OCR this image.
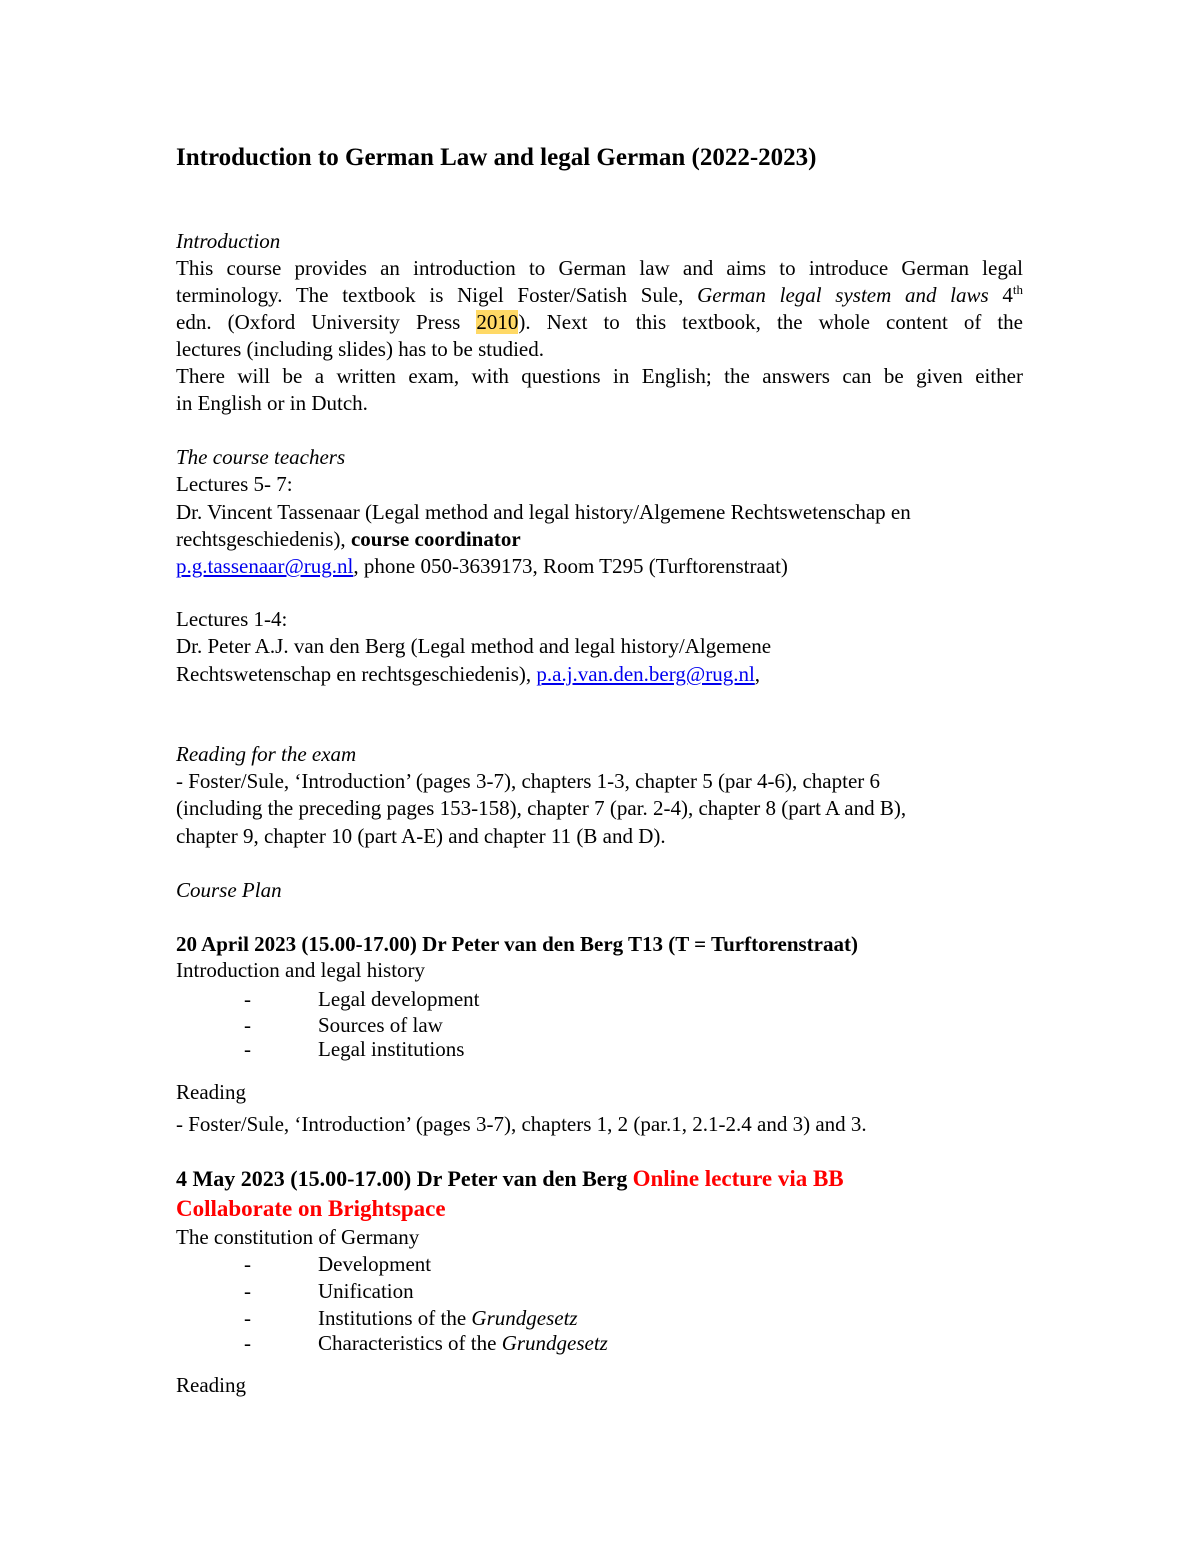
Introduction to German Law and legal German (2022-2023)
Introduction
This course provides an introduction to German law and aims to introduce German legal
terminology. The textbook is Nigel Foster/Satish Sule, German legal system and laws 4th
edn. (Oxford University Press 2010). Next to this textbook, the whole content of the
lectures (including slides) has to be studied.
There will be a written exam, with questions in English; the answers can be given either
in English or in Dutch.
The course teachers
Lectures 5- 7:
Dr. Vincent Tassenaar (Legal method and legal history/Algemene Rechtswetenschap en
rechtsgeschiedenis), course coordinator
p.g.tassenaar@rug.nl, phone 050-3639173, Room T295 (Turftorenstraat)
Lectures 1-4:
Dr. Peter A.J. van den Berg (Legal method and legal history/Algemene
Rechtswetenschap en rechtsgeschiedenis), p.a.j.van.den.berg@rug.nl,
Reading for the exam
- Foster/Sule, ‘Introduction’ (pages 3-7), chapters 1-3, chapter 5 (par 4-6), chapter 6
(including the preceding pages 153-158), chapter 7 (par. 2-4), chapter 8 (part A and B),
chapter 9, chapter 10 (part A-E) and chapter 11 (B and D).
Course Plan
20 April 2023 (15.00-17.00) Dr Peter van den Berg T13 (T = Turftorenstraat)
Introduction and legal history
-	Legal development
-	Sources of law
-	Legal institutions
Reading
- Foster/Sule, ‘Introduction’ (pages 3-7), chapters 1, 2 (par.1, 2.1-2.4 and 3) and 3.
4 May 2023 (15.00-17.00) Dr Peter van den Berg Online lecture via BB
Collaborate on Brightspace
The constitution of Germany
-	Development
-	Unification
-	Institutions of the Grundgesetz
-	Characteristics of the Grundgesetz
Reading
